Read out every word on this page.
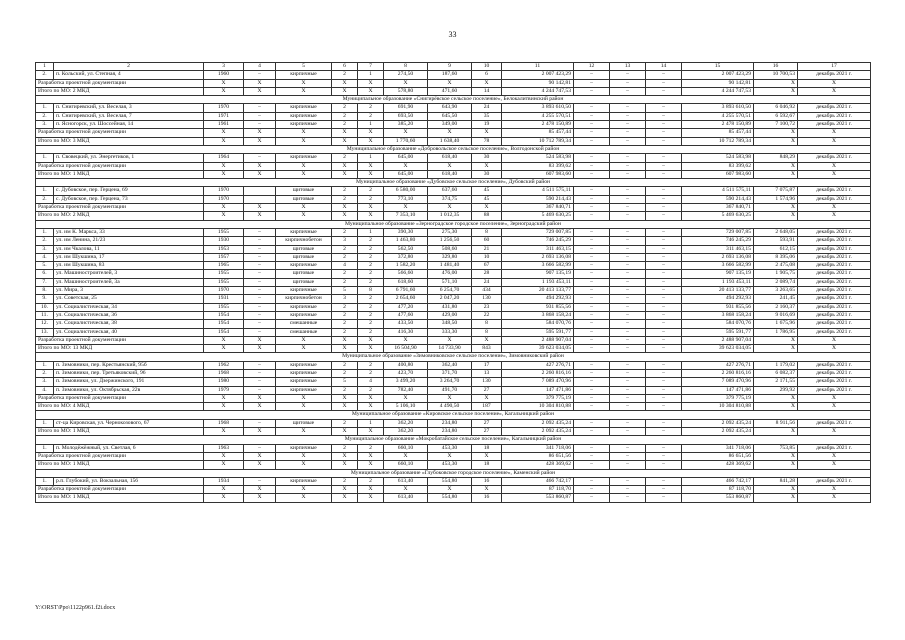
33
1	2	3	4	5	6	7	8	9	10	11	12	13	14	15	16	17
2.	п. Кольский, ул. Степная, 4	1960	–	кирпичные	2	1	274,50	187,60	6	2 007 423,29	–	–	–	2 007 423,29	10 700,53	декабрь 2021 г.
Разработка проектной документации		X	X	X	X	X	X	X	X	90 142,81	–	–	–	90 142,81	X	X
Итого по МО: 2 МКД		X	X	X	X	X	578,80	471,60	14	4 244 747,53	–	–	–	4 244 747,53	X	X
Муниципальное образование «Снигирёвское сельское поселение», Белокалитвинский район																
1.	п. Снигиревский, ул. Веселая, 3	1970	–	кирпичные	2	2	691,90	643,90	24	3 893 610,50	–	–	–	3 893 610,50	6 046,92	декабрь 2021 г.
2.	п. Снигиревский, ул. Веселая, 7	1971	–	кирпичные	2	2	693,50	645,50	35	4 255 570,51	–	–	–	4 255 570,51	6 592,67	декабрь 2021 г.
3.	п. Ясногорск, ул. Шоссейная, 14	1961	–	кирпичные	2	1	385,20	349,00	19	2 478 150,89	–	–	–	2 478 150,89	7 100,72	декабрь 2021 г.
Разработка проектной документации		X	X	X	X	X	X	X	X	85 457,44	–	–	–	85 457,44	X	X
Итого по МО: 3 МКД		X	X	X	X	X	1 770,60	1 638,40	78	10 712 789,34	–	–	–	10 712 789,34	X	X
Муниципальное образование «Добровольское сельское поселение», Волгодонской район																
1.	п. Свовецкий, ул. Энергетиков, 1	1964	–	кирпичные	2	1	645,00	618,40	30	524 583,98	–	–	–	524 583,98	848,29	декабрь 2021 г.
Разработка проектной документации		X	X	X	X	X	X	X	X	83 399,62	–	–	–	83 399,62	X	X
Итого по МО: 1 МКД		X	X	X	X	X	645,00	618,40	30	607 983,60	–	–	–	607 983,60	X	X
Муниципальное образование «Дубовское сельское поселение», Дубовский район																
1.	с. Дубовское, пер. Герцена, 69	1970		щитовые	2	2	6 580,00	637,60	45	4 511 575,11	–	–	–	4 511 575,11	7 075,87	декабрь 2021 г.
2.	с. Дубовское, пер. Герцена, 73	1970		щитовые	2	2	773,10	374,75	45	590 214,43	–	–	–	590 214,43	1 574,96	декабрь 2021 г.
Разработка проектной документации		X	X	X	X	X	X	X	X	367 840,71	–	–	–	367 840,71	X	X
Итого по МО: 2 МКД		X	X	X	X	X	7 353,10	1 012,35	88	5 469 630,25	–	–	–	5 469 630,25	X	X
Муниципальное образование «Зерноградское городское поселение», Зерноградский район																
1.	ул. им К. Маркса, 33	1955	–	кирпичные	2	1	390,30	275,30	8	729 007,85	–	–	–	729 007,85	2 648,05	декабрь 2021 г.
2.	ул. им Ленина, 21/23	1930	–	кирпичнобетон	3	2	1 463,80	1 256,50	60	746 245,29	–	–	–	746 245,29	593,91	декабрь 2021 г.
3.	ул. им Чкалова, 11	1953	–	щитовые	2	2	562,50	508,60	21	311 463,15	–	–	–	311 463,15	612,15	декабрь 2021 г.
4.	ул. им Шукшина, 17	1957	–	щитовые	2	2	372,80	329,80	10	2 693 136,08	–	–	–	2 693 136,08	8 395,06	декабрь 2021 г.
5.	ул. им Шукшина, 83	1965	–	кирпичные	4	2	1 582,20	1 481,40	67	3 666 582,99	–	–	–	3 666 582,99	2 475,08	декабрь 2021 г.
6.	ул. Машиностроителей, 3	1955	–	щитовые	2	2	566,60	476,00	28	907 135,19	–	–	–	907 135,19	1 905,75	декабрь 2021 г.
7.	ул. Машиностроителей, 3а	1955	–	щитовые	2	2	618,60	571,10	24	1 193 453,11	–	–	–	1 193 453,11	2 089,74	декабрь 2021 г.
8.	ул. Мира, 3	1970	–	кирпичные	5	8	6 791,60	6 254,70	434	20 413 133,77	–	–	–	20 413 133,77	3 263,65	декабрь 2021 г.
9.	ул. Советская, 25	1931	–	кирпичнобетон	3	2	2 654,60	2 047,20	130	494 292,93	–	–	–	494 292,93	241,45	декабрь 2021 г.
10.	ул. Социалистическая, 34	1955	–	кирпичные	2	2	477,20	431,80	23	931 855,56	–	–	–	931 855,56	2 160,37	декабрь 2021 г.
11.	ул. Социалистическая, 36	1954	–	кирпичные	2	2	477,60	429,00	22	3 868 158,24	–	–	–	3 868 158,24	9 016,69	декабрь 2021 г.
12.	ул. Социалистическая, 38	1954	–	смешанные	2	2	433,50	348,50	8	584 070,76	–	–	–	584 070,76	1 675,96	декабрь 2021 г.
13.	ул. Социалистическая, 40	1954	–	смешанные	2	2	416,30	333,30	8	595 591,77	–	–	–	595 591,77	1 786,95	декабрь 2021 г.
Разработка проектной документации		X	X	X	X	X	X	X	X	2 488 907,04	–	–	–	2 488 907,04	X	X
Итого по МО: 13 МКД		X	X	X	X	X	16 504,90	14 733,90	843	39 623 034,05	–	–	–	39 623 034,05	X	X
Муниципальное образование «Зимовниковское сельское поселение», Зимовниковский район																
1.	п. Зимовники, пер. Крестьянский, 95б	1962	–	кирпичные	2	2	400,80	362,40	17	427 276,71	–	–	–	427 276,71	1 179,02	декабрь 2021 г.
2.	п. Зимовники, пер. Третьяковский, 96	1968	–	кирпичные	2	2	423,70	371,70	13	2 260 816,16	–	–	–	2 260 816,16	6 082,37	декабрь 2021 г.
3.	п. Зимовники, ул. Дзержинского, 191	1980	–	кирпичные	5	4	3 499,20	3 264,70	130	7 089 470,96	–	–	–	7 089 470,96	2 171,55	декабрь 2021 г.
4.	п. Зимовники, ул. Октябрьская, 22в	1979	–	кирпичные	2	2	782,40	491,70	27	147 471,86	–	–	–	147 471,86	299,92	декабрь 2021 г.
Разработка проектной документации		X	X	X	X	X	X	X	X	379 775,19	–	–	–	379 775,19	X	X
Итого по МО: 4 МКД		X	X	X	X	X	5 106,10	4 490,50	187	10 304 810,88	–	–	–	10 304 810,88	X	X
Муниципальное образование «Кировское сельское поселение», Кагальницкий район																
1.	ст-ца Кировская, ул. Чернокозового, 67	1968	–	щитовые	2	1	362,20	234,80	27	2 092 435,24	–	–	–	2 092 435,24	8 911,56	декабрь 2021 г.
Итого по МО: 1 МКД		X	X	X	X	X	362,20	234,80	27	2 092 435,24	–	–	–	2 092 435,24	X	X
Муниципальное образование «Мокробатайское сельское поселение», Кагальницкий район																
1.	п. Молодёжёжный, ул. Светлая, 6	1963	–	кирпичные	2	2	660,10	453,30	18	341 718,06	–	–	–	341 718,06	753,85	декабрь 2021 г.
Разработка проектной документации		X	X	X	X	X	X	X	X	86 651,56	–	–	–	86 651,56	X	X
Итого по МО: 1 МКД		X	X	X	X	X	660,10	453,30	18	428 369,62	–	–	–	428 369,62	X	X
Муниципальное образование «Глубоковское городское поселение», Каменский район																
1.	р.п. Глубокий, ул. Вокзальная, 156	1934	–	кирпичные	2	2	613,40	554,80	16	466 742,17	–	–	–	466 742,17	841,28	декабрь 2021 г.
Разработка проектной документации		X	X	X	X	X	X	X	X	87 118,70	–	–	–	87 118,70	X	X
Итого по МО: 1 МКД		X	X	X	X	X	613,40	554,80	16	553 860,87	–	–	–	553 860,87	X	X
Y:\ORST\Ppo\1122p961.f2i.docx
